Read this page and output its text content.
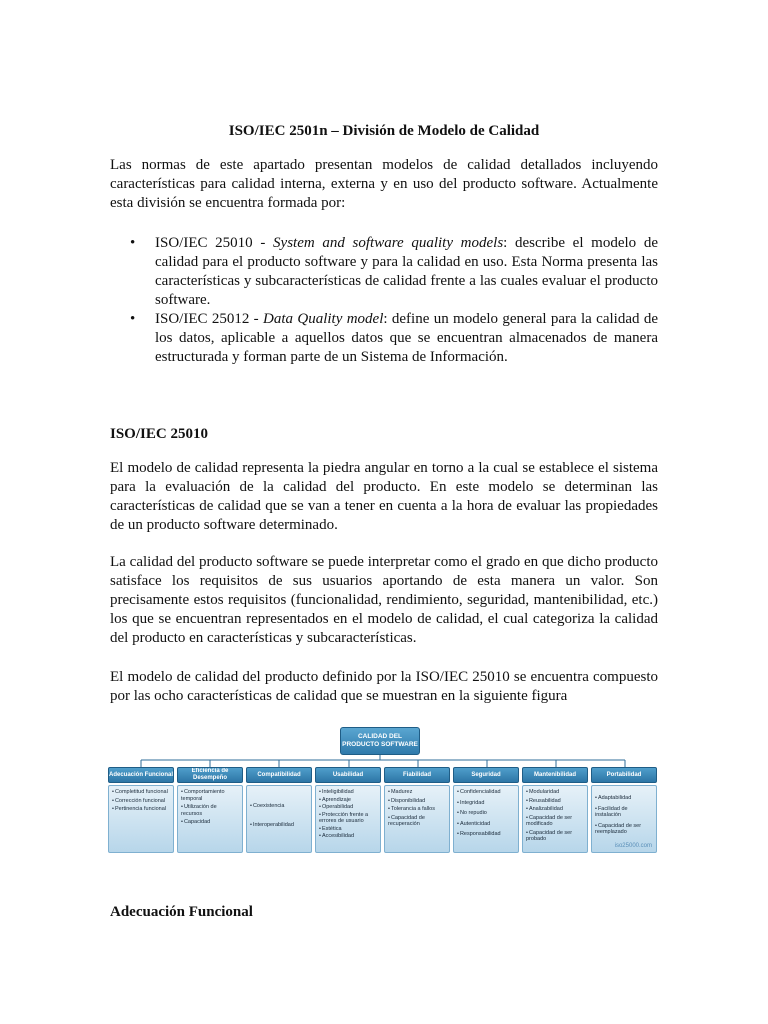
ISO/IEC 2501n – División de Modelo de Calidad

Las normas de este apartado presentan modelos de calidad detallados incluyendo características para calidad interna, externa y en uso del producto software. Actualmente esta división se encuentra formada por:

• ISO/IEC 25010 - System and software quality models: describe el modelo de calidad para el producto software y para la calidad en uso. Esta Norma presenta las características y subcaracterísticas de calidad frente a las cuales evaluar el producto software.
• ISO/IEC 25012 - Data Quality model: define un modelo general para la calidad de los datos, aplicable a aquellos datos que se encuentran almacenados de manera estructurada y forman parte de un Sistema de Información.
ISO/IEC 25010

El modelo de calidad representa la piedra angular en torno a la cual se establece el sistema para la evaluación de la calidad del producto. En este modelo se determinan las características de calidad que se van a tener en cuenta a la hora de evaluar las propiedades de un producto software determinado.

La calidad del producto software se puede interpretar como el grado en que dicho producto satisface los requisitos de sus usuarios aportando de esta manera un valor. Son precisamente estos requisitos (funcionalidad, rendimiento, seguridad, mantenibilidad, etc.) los que se encuentran representados en el modelo de calidad, el cual categoriza la calidad del producto en características y subcaracterísticas.

El modelo de calidad del producto definido por la ISO/IEC 25010 se encuentra compuesto por las ocho características de calidad que se muestran en la siguiente figura

CALIDAD DEL PRODUCTO SOFTWARE
Adecuación Funcional
• Completitud funcional
• Corrección funcional
• Pertinencia funcional
Eficiencia de Desempeño
• Comportamiento temporal
• Utilización de recursos
• Capacidad
Compatibilidad
• Coexistencia
• Interoperabilidad
Usabilidad
• Inteligibilidad
• Aprendizaje
• Operabilidad
• Protección frente a errores de usuario
• Estética
• Accesibilidad
Fiabilidad
• Madurez
• Disponibilidad
• Tolerancia a fallos
• Capacidad de recuperación
Seguridad
• Confidencialidad
• Integridad
• No repudio
• Autenticidad
• Responsabilidad
Mantenibilidad
• Modularidad
• Reusabilidad
• Analizabilidad
• Capacidad de ser modificado
• Capacidad de ser probado
Portabilidad
• Adaptabilidad
• Facilidad de instalación
• Capacidad de ser reemplazado
iso25000.com
Adecuación Funcional
